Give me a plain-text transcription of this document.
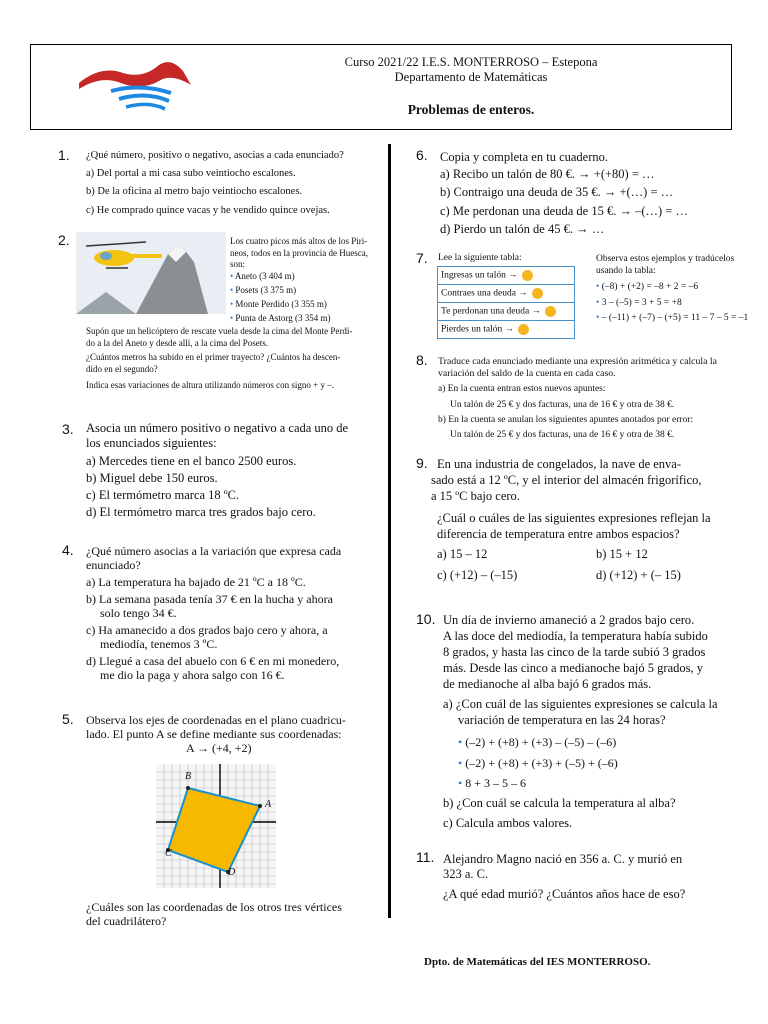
Curso 2021/22 I.E.S. MONTERROSO – Estepona
Departamento de Matemáticas
Problemas de enteros.
1. ¿Qué número, positivo o negativo, asocias a cada enunciado?
a) Del portal a mi casa subo veintiocho escalones.
b) De la oficina al metro bajo veintiocho escalones.
c) He comprado quince vacas y he vendido quince ovejas.
2.	Los cuatro picos más altos de los Piri-
neos, todos en la provincia de Huesca,
son:
• Aneto (3 404 m)
• Posets (3 375 m)
• Monte Perdido (3 355 m)
• Punta de Astorg (3 354 m)
Supón que un helicóptero de rescate vuela desde la cima del Monte Perdi-
do a la del Aneto y desde allí, a la cima del Posets.
¿Cuántos metros ha subido en el primer trayecto? ¿Cuántos ha descen-
dido en el segundo?
Indica esas variaciones de altura utilizando números con signo + y –.
3. Asocia un número positivo o negativo a cada uno de
los enunciados siguientes:
a) Mercedes tiene en el banco 2500 euros.
b) Miguel debe 150 euros.
c) El termómetro marca 18 ºC.
d) El termómetro marca tres grados bajo cero.
4. ¿Qué número asocias a la variación que expresa cada
enunciado?
a) La temperatura ha bajado de 21 ºC a 18 ºC.
b) La semana pasada tenía 37 € en la hucha y ahora
solo tengo 34 €.
c) Ha amanecido a dos grados bajo cero y ahora, a
mediodía, tenemos 3 ºC.
d) Llegué a casa del abuelo con 6 € en mi monedero,
me dio la paga y ahora salgo con 16 €.
5. Observa los ejes de coordenadas en el plano cuadricu-
lado. El punto A se define mediante sus coordenadas:
A → (+4, +2)
B
A
C
D
¿Cuáles son las coordenadas de los otros tres vértices
del cuadrilátero?
6. Copia y completa en tu cuaderno.
a) Recibo un talón de 80 €. → +(+80) = …
b) Contraigo una deuda de 35 €. → +(…) = …
c) Me perdonan una deuda de 15 €. → –(…) = …
d) Pierdo un talón de 45 €. → …
7. Lee la siguiente tabla:
Ingresas un talón →
Contraes una deuda →
Te perdonan una deuda →
Pierdes un talón →
Observa estos ejemplos y tradúcelos
usando la tabla:
• (–8) + (+2) = –8 + 2 = –6
• 3 – (–5) = 3 + 5 = +8
• – (–11) + (–7) – (+5) = 11 – 7 – 5 = –1
8. Traduce cada enunciado mediante una expresión aritmética y calcula la
variación del saldo de la cuenta en cada caso.
a) En la cuenta entran estos nuevos apuntes:
Un talón de 25 € y dos facturas, una de 16 € y otra de 38 €.
b) En la cuenta se anulan los siguientes apuntes anotados por error:
Un talón de 25 € y dos facturas, una de 16 € y otra de 38 €.
9. En una industria de congelados, la nave de enva-
sado está a 12 ºC, y el interior del almacén frigorífico,
a 15 ºC bajo cero.
¿Cuál o cuáles de las siguientes expresiones reflejan la
diferencia de temperatura entre ambos espacios?
a) 15 – 12	b) 15 + 12
c) (+12) – (–15)	d) (+12) + (– 15)
10. Un día de invierno amaneció a 2 grados bajo cero.
A las doce del mediodía, la temperatura había subido
8 grados, y hasta las cinco de la tarde subió 3 grados
más. Desde las cinco a medianoche bajó 5 grados, y
de medianoche al alba bajó 6 grados más.
a) ¿Con cuál de las siguientes expresiones se calcula la
variación de temperatura en las 24 horas?
• (–2) + (+8) + (+3) – (–5) – (–6)
• (–2) + (+8) + (+3) + (–5) + (–6)
• 8 + 3 – 5 – 6
b) ¿Con cuál se calcula la temperatura al alba?
c) Calcula ambos valores.
11. Alejandro Magno nació en 356 a. C. y murió en
323 a. C.
¿A qué edad murió? ¿Cuántos años hace de eso?
Dpto. de Matemáticas del IES MONTERROSO.
